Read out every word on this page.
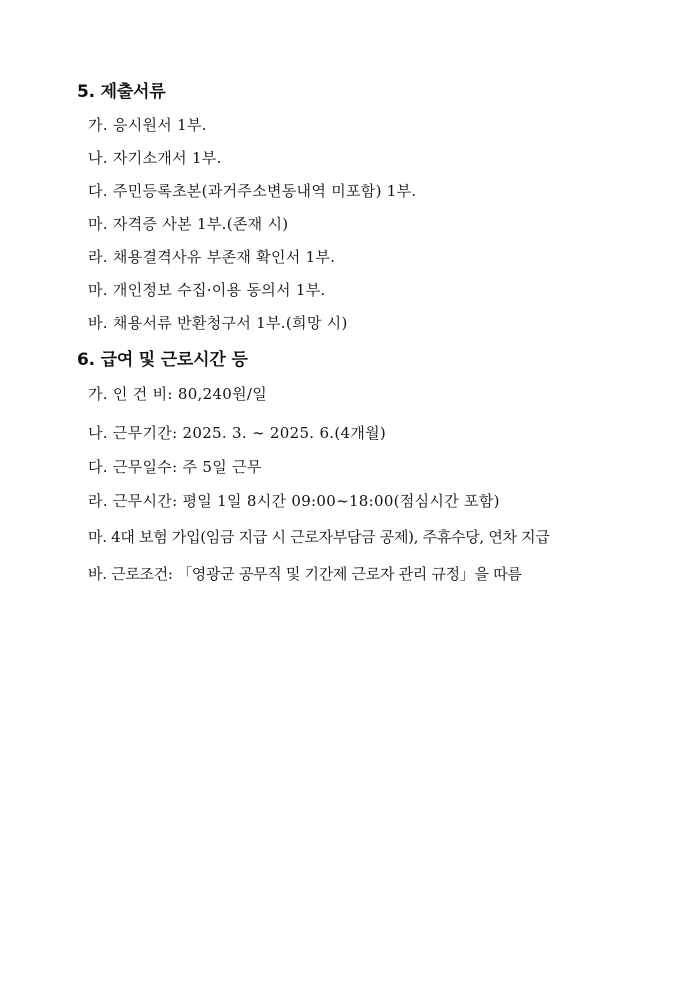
5. 제출서류
가. 응시원서 1부.
나. 자기소개서 1부.
다. 주민등록초본(과거주소변동내역 미포함) 1부.
마. 자격증 사본 1부.(존재 시)
라. 채용결격사유 부존재 확인서 1부.
마. 개인정보 수집·이용 동의서 1부.
바. 채용서류 반환청구서 1부.(희망 시)
6. 급여 및 근로시간 등
가. 인 건 비: 80,240원/일
나. 근무기간: 2025. 3. ∼ 2025. 6.(4개월)
다. 근무일수: 주 5일 근무
라. 근무시간: 평일 1일 8시간 09:00~18:00(점심시간 포함)
마. 4대 보험 가입(임금 지급 시 근로자부담금 공제), 주휴수당, 연차 지급
바. 근로조건: 「영광군 공무직 및 기간제 근로자 관리 규정」을 따름
